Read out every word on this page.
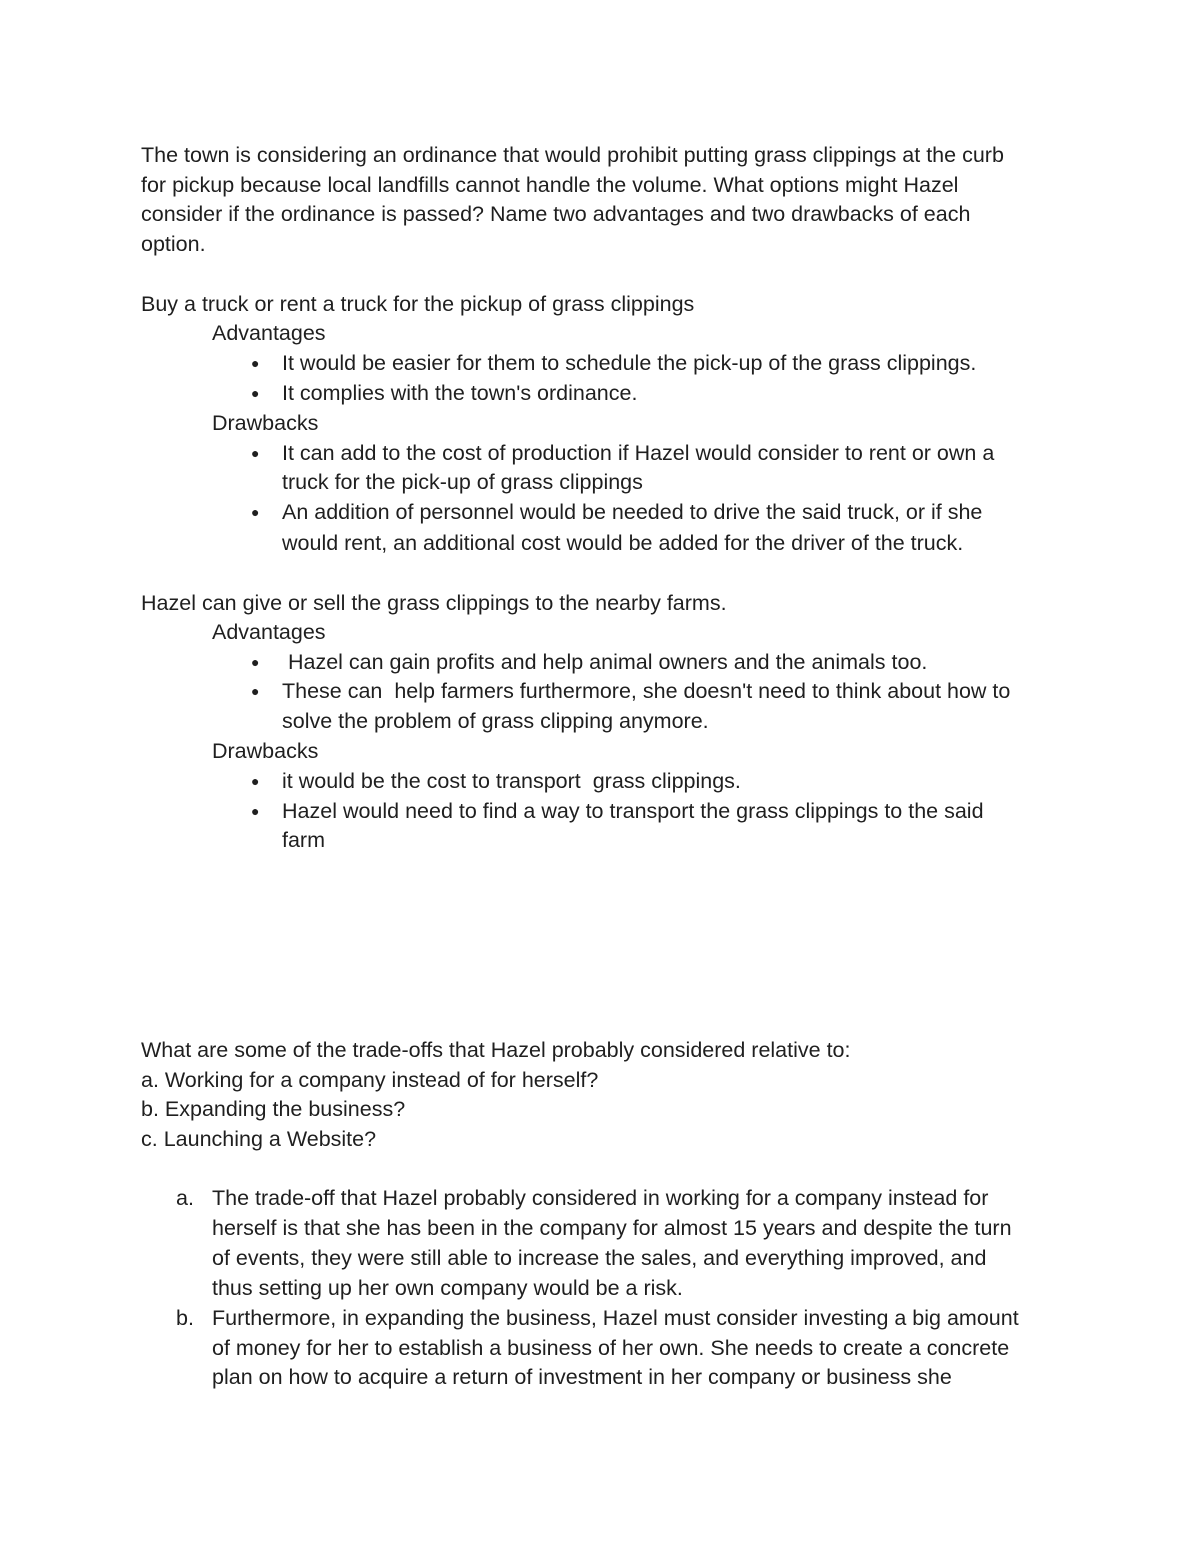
The town is considering an ordinance that would prohibit putting grass clippings at the curb
for pickup because local landfills cannot handle the volume. What options might Hazel
consider if the ordinance is passed? Name two advantages and two drawbacks of each
option.
Buy a truck or rent a truck for the pickup of grass clippings
Advantages
● It would be easier for them to schedule the pick-up of the grass clippings.
● It complies with the town's ordinance.
Drawbacks
● It can add to the cost of production if Hazel would consider to rent or own a
truck for the pick-up of grass clippings
● An addition of personnel would be needed to drive the said truck, or if she
would rent, an additional cost would be added for the driver of the truck.
Hazel can give or sell the grass clippings to the nearby farms.
Advantages
● Hazel can gain profits and help animal owners and the animals too.
● These can  help farmers furthermore, she doesn't need to think about how to
solve the problem of grass clipping anymore.
Drawbacks
● it would be the cost to transport  grass clippings.
● Hazel would need to find a way to transport the grass clippings to the said
farm
What are some of the trade-offs that Hazel probably considered relative to:
a. Working for a company instead of for herself?
b. Expanding the business?
c. Launching a Website?
a. The trade-off that Hazel probably considered in working for a company instead for
herself is that she has been in the company for almost 15 years and despite the turn
of events, they were still able to increase the sales, and everything improved, and
thus setting up her own company would be a risk.
b. Furthermore, in expanding the business, Hazel must consider investing a big amount
of money for her to establish a business of her own. She needs to create a concrete
plan on how to acquire a return of investment in her company or business she
